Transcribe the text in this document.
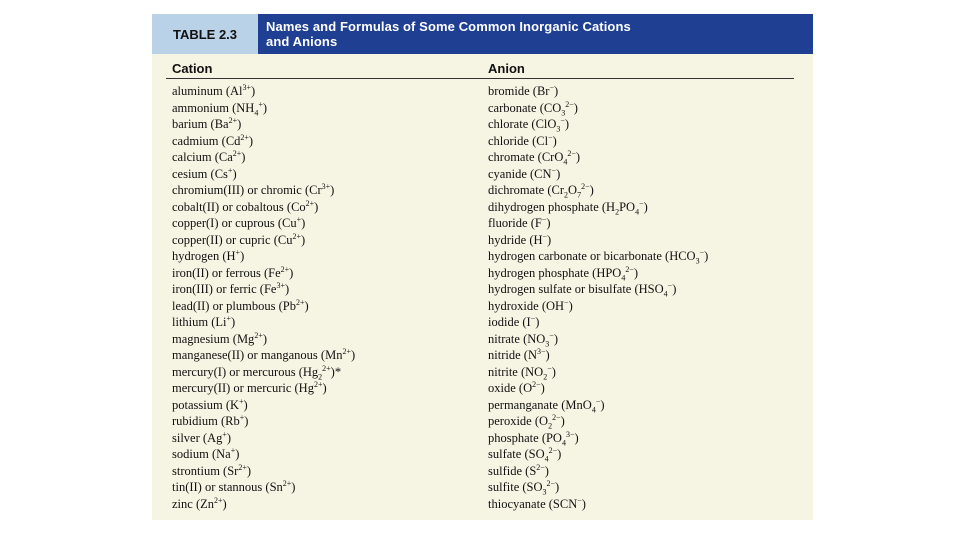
TABLE 2.3	Names and Formulas of Some Common Inorganic Cations
and Anions
Cation	Anion
aluminum $(Al^{3+})$
ammonium $(NH_4^+)$
barium $(Ba^{2+})$
cadmium $(Cd^{2+})$
calcium $(Ca^{2+})$
cesium (Cs+)
chromium(III) or chromic $(Cr^{3+})$
cobalt(II) or cobaltous $(Co^{2+})$
copper(I) or cuprous (Cu+)
copper(II) or cupric $(Cu^{2+})$
hydrogen (H+)
iron(II) or ferrous $(Fe^{2+})$
iron(III) or ferric $(Fe^{3+})$
lead(II) or plumbous $(Pb^{2+})$
lithium (Li+)
magnesium $(Mg^{2+})$
manganese(II) or manganous $(Mn^{2+})$
mercury(I) or mercurous $(Hg_2^{2+})*$
mercury(II) or mercuric $(Hg^{2+})$
potassium (K+)
rubidium (Rb+)
silver (Ag+)
sodium (Na+)
strontium $(Sr^{2+})$
tin(II) or stannous $(Sn^{2+})$
zinc $(Zn^{2+})$
bromide (Br−)
carbonate $(CO_3^{2-})$
chlorate (ClO$_3$−)
chloride (Cl−)
chromate (CrO$_4^{2-}$)
cyanide (CN−)
dichromate $(Cr_2O_7^{2-})$
dihydrogen phosphate $(H_2PO_4^-)$
fluoride (F−)
hydride (H−)
hydrogen carbonate or bicarbonate $(HCO_3^-)$
hydrogen phosphate $(HPO_4^{2-})$
hydrogen sulfate or bisulfate $(HSO_4^-)$
hydroxide (OH−)
iodide (I−)
nitrate $(NO_3^-)$
nitride $(N^{3-})$
nitrite $(NO_2^-)$
oxide $(O^{2-})$
permanganate (MnO$_4$−)
peroxide $(O_2^{2-})$
phosphate $(PO_4^{3-})$
sulfate $(SO_4^{2-})$
sulfide $(S^{2-})$
sulfite $(SO_3^{2-})$
thiocyanate (SCN−)
